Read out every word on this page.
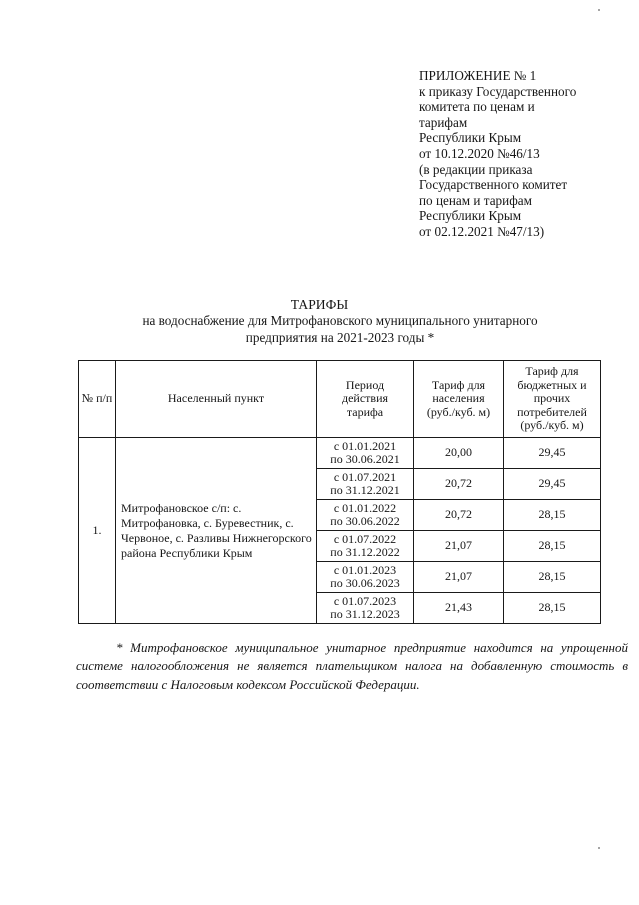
ПРИЛОЖЕНИЕ № 1
к приказу Государственного
комитета по ценам и
тарифам
Республики Крым
от 10.12.2020 №46/13
(в редакции приказа
Государственного комитет
по ценам и тарифам
Республики Крым
от 02.12.2021 №47/13)
ТАРИФЫ
на водоснабжение для Митрофановского муниципального унитарного
предприятия на 2021-2023 годы *
№ п/п	Населенный пункт	Период действия тарифа	Тариф для населения (руб./куб. м)	Тариф для бюджетных и прочих потребителей (руб./куб. м)
1.	Митрофановское с/п: с. Митрофановка, с. Буревестник, с. Червоное, с. Разливы Нижнегорского района Республики Крым	с 01.01.2021
по 30.06.2021	20,00	29,45

		с 01.07.2021
по 31.12.2021	20,72	29,45

		с 01.01.2022
по 30.06.2022	20,72	28,15

		с 01.07.2022
по 31.12.2022	21,07	28,15

		с 01.01.2023
по 30.06.2023	21,07	28,15

		с 01.07.2023
по 31.12.2023	21,43	28,15
* Митрофановское муниципальное унитарное предприятие находится на упрощенной системе налогообложения не является плательщиком налога на добавленную стоимость в соответствии с Налоговым кодексом Российской Федерации.
